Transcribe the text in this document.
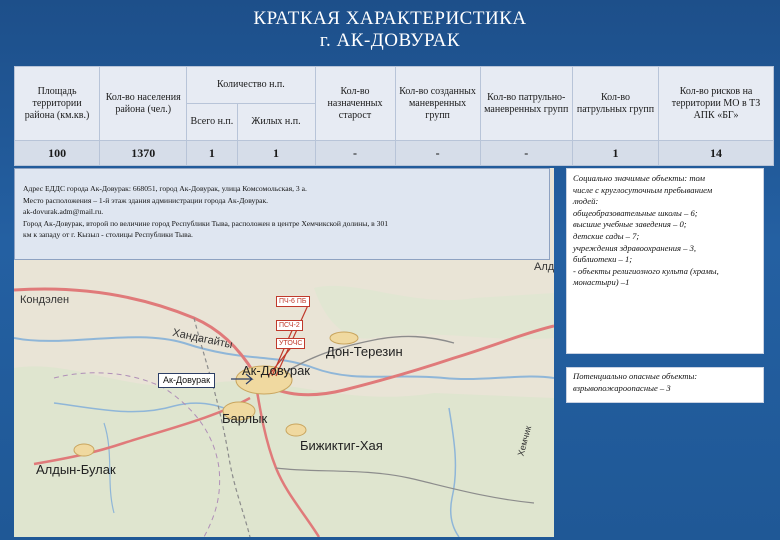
КРАТКАЯ ХАРАКТЕРИСТИКА
г. АК-ДОВУРАК
Площадь территории района (км.кв.)	Кол-во населения района (чел.)	Количество н.п.		Кол-во назначенных старост	Кол-во созданных маневренных групп	Кол-во патрульно-маневренных групп	Кол-во патрульных групп	Кол-во рисков на территории МО в ТЗ АПК «БГ»
		Всего н.п.	Жилых н.п.					
100	1370	1	1	-	-	-	1	14
Кондэлен
Хандагайты
Дон-Терезин
Ак-Довурак
Барлык
Алдын-Булак
Бижиктиг-Хая
Алд
Хемчик
ПЧ-6 ПБ
ПСЧ-2
УТОЧС
Ак-Довурак
Адрес ЕДДС города Ак-Довурак: 668051, город Ак-Довурак, улица Комсомольская, 3 а.
Место расположения – 1-й этаж здания администрации города Ак-Довурак.
ak-dovurak.adm@mail.ru.
Город Ак-Довурак, второй по величине город Республики Тыва, расположен в центре Хемчикской долины, в 301
км к западу от г. Кызыл - столицы Республики Тыва.
Социально значимые объекты: том
числе с круглосуточным пребыванием
людей:
общеобразовательные школы – 6;
высшие учебные заведения – 0;
детские сады – 7;
учреждения здравоохранения – 3,
библиотеки – 1;
- объекты религиозного культа (храмы,
монастыри) –1
Потенциально опасные объекты:
взрывопожароопасные – 3
